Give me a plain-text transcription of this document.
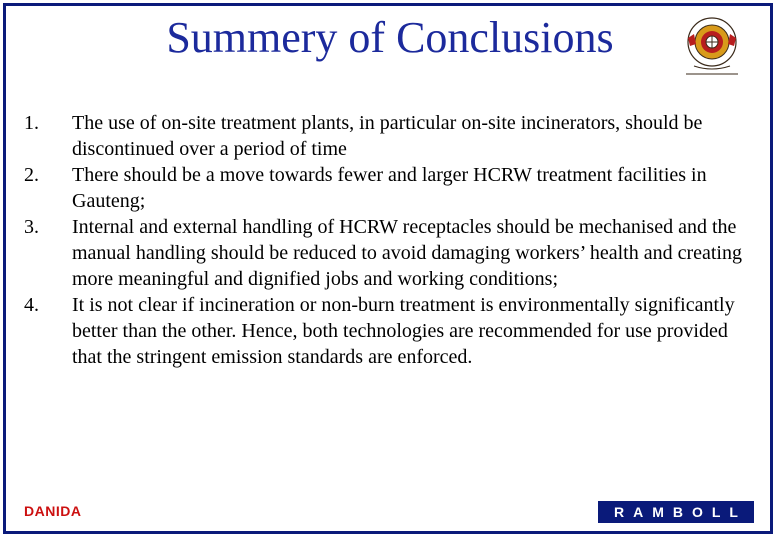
Summery of Conclusions
1. The use of on-site treatment plants, in particular on-site incinerators, should be discontinued over a period of time
2. There should be a move towards fewer and larger HCRW treatment facilities in Gauteng;
3. Internal and external handling of HCRW receptacles should be mechanised and the manual handling should be reduced to avoid damaging workers’ health and creating more meaningful and dignified jobs and working conditions;
4. It is not clear if incineration or non-burn treatment is environmentally significantly better than the other. Hence, both technologies are recommended for use provided that the stringent emission standards are enforced.
DANIDA	RAMBOLL
